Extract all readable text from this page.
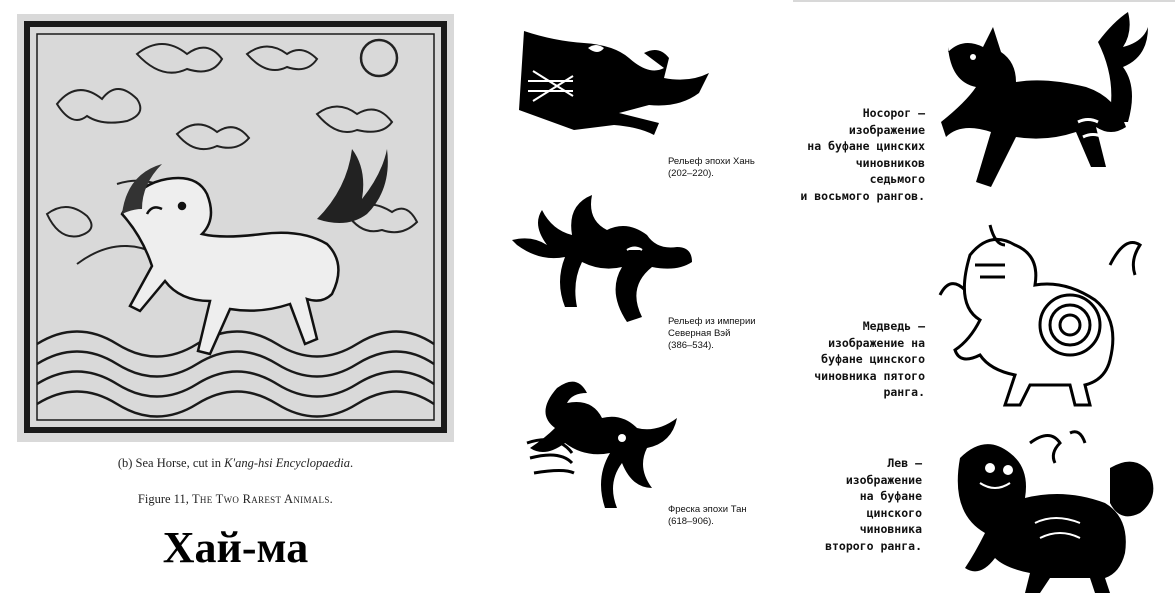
(b) Sea Horse, cut in K'ang-hsi Encyclopaedia.
Figure 11, The Two Rarest Animals.
Хай-ма
Рельеф эпохи Хань
(202–220).
Рельеф из империи
Северная Вэй
(386–534).
Фреска эпохи Тан
(618–906).
Носорог –
изображение
на буфане цинских
чиновников
седьмого
и восьмого рангов.
Медведь –
изображение на
буфане цинского
чиновника пятого
ранга.
Лев –
изображение
на буфане
цинского
чиновника
второго ранга.
